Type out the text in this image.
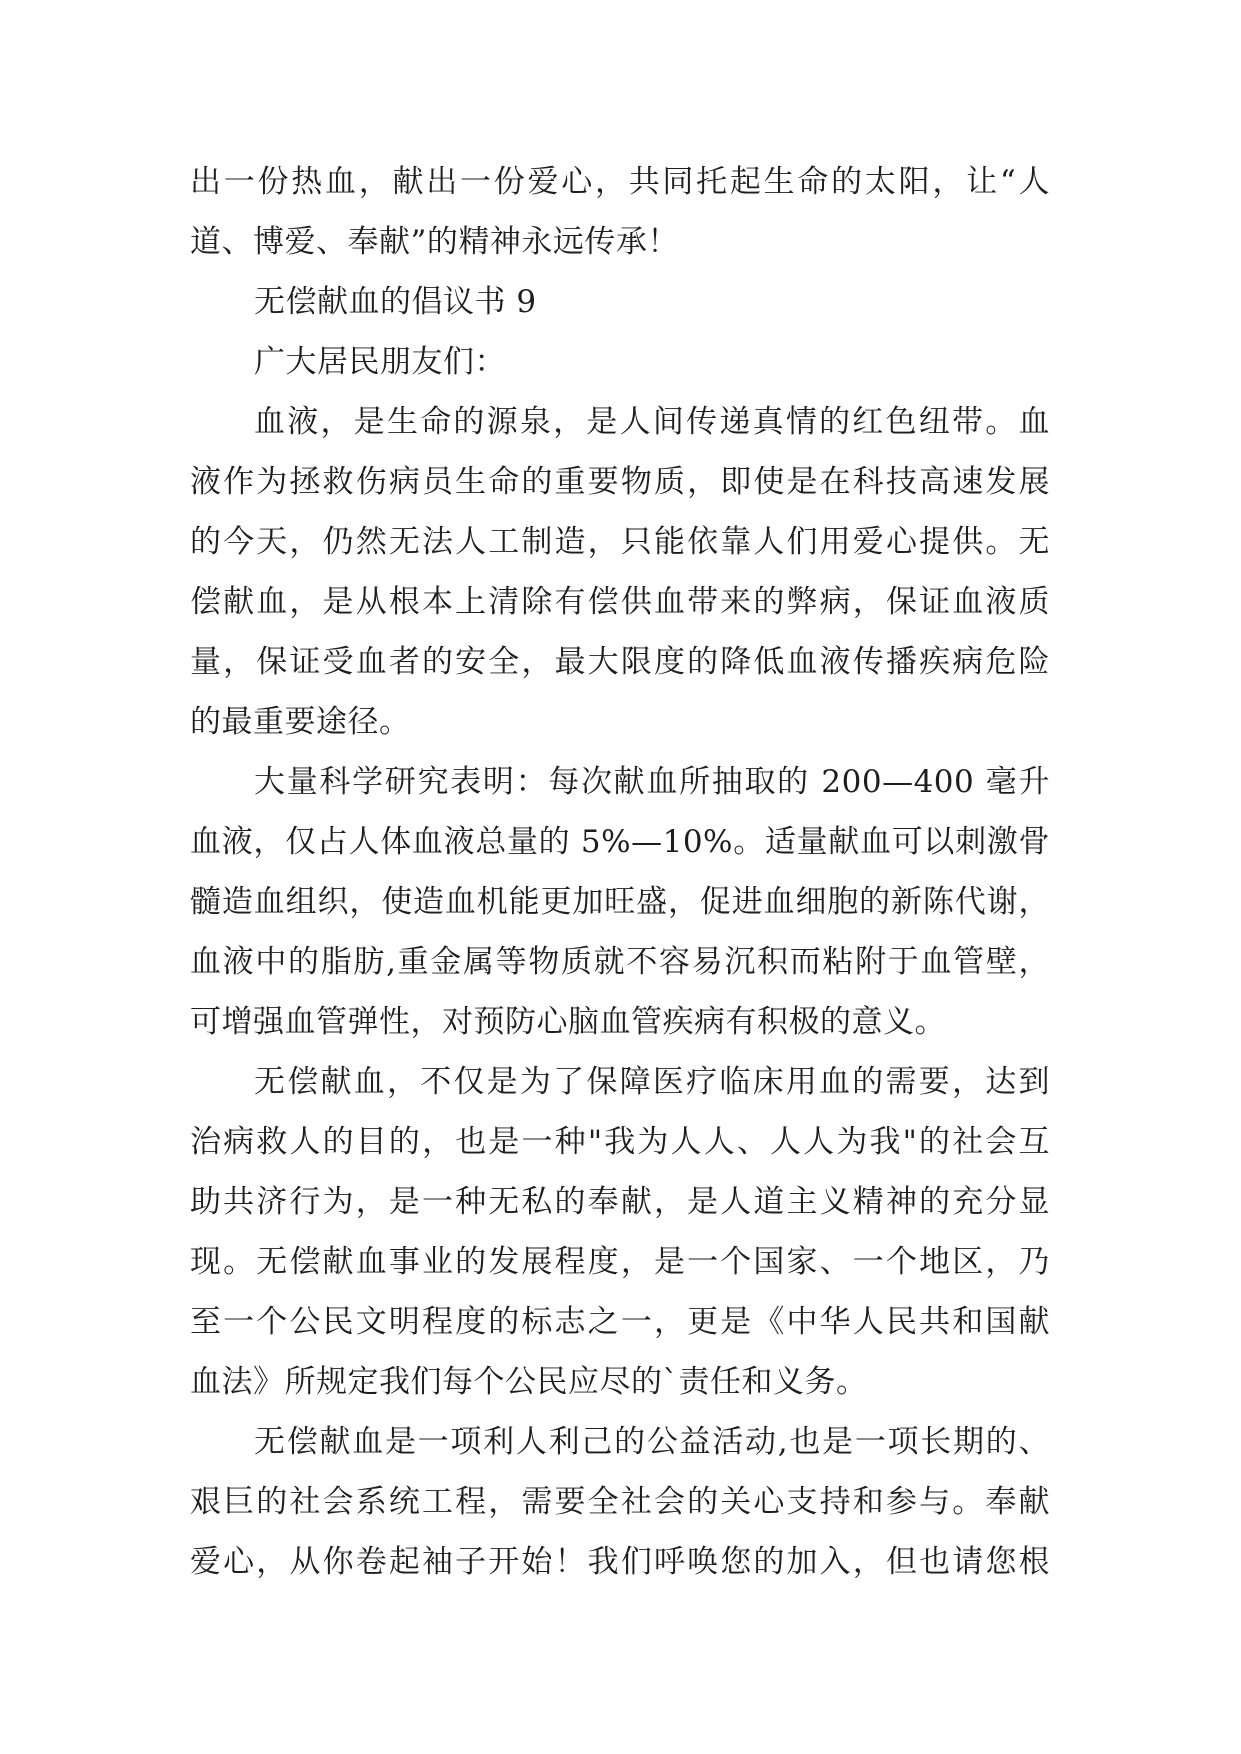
出一份热血，献出一份爱心，共同托起生命的太阳，让“人
道、博爱、奉献”的精神永远传承！
无偿献血的倡议书 9
广大居民朋友们：
血液，是生命的源泉，是人间传递真情的红色纽带。血
液作为拯救伤病员生命的重要物质，即使是在科技高速发展
的今天，仍然无法人工制造，只能依靠人们用爱心提供。无
偿献血，是从根本上清除有偿供血带来的弊病，保证血液质
量，保证受血者的安全，最大限度的降低血液传播疾病危险
的最重要途径。
大量科学研究表明：每次献血所抽取的 200—400 毫升
血液，仅占人体血液总量的 5%—10%。适量献血可以刺激骨
髓造血组织，使造血机能更加旺盛，促进血细胞的新陈代谢，
血液中的脂肪,重金属等物质就不容易沉积而粘附于血管壁，
可增强血管弹性，对预防心脑血管疾病有积极的意义。
无偿献血，不仅是为了保障医疗临床用血的需要，达到
治病救人的目的，也是一种"我为人人、人人为我"的社会互
助共济行为，是一种无私的奉献，是人道主义精神的充分显
现。无偿献血事业的发展程度，是一个国家、一个地区，乃
至一个公民文明程度的标志之一，更是《中华人民共和国献
血法》所规定我们每个公民应尽的`责任和义务。
无偿献血是一项利人利己的公益活动,也是一项长期的、
艰巨的社会系统工程，需要全社会的关心支持和参与。奉献
爱心，从你卷起袖子开始！我们呼唤您的加入，但也请您根
